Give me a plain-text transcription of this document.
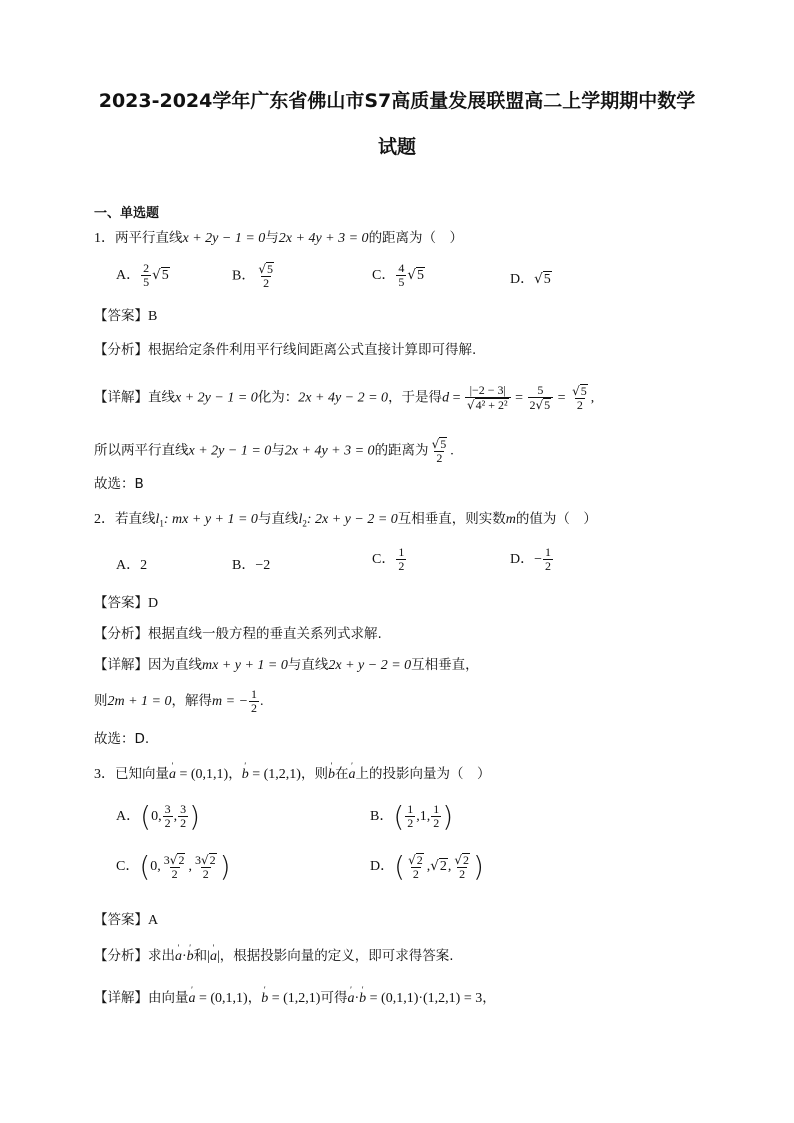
2023-2024学年广东省佛山市S7高质量发展联盟高二上学期期中数学
试题
一、单选题
1．两平行直线x + 2y − 1 = 0与2x + 4y + 3 = 0的距离为（　）
A． $\frac{2}{5} √5$	B． $\frac{√5}{2}$	C． $\frac{4}{5} √5$	D．√5
【答案】B
【分析】根据给定条件利用平行线间距离公式直接计算即可得解.
【详解】直线x + 2y − 1 = 0化为：2x + 4y − 2 = 0，于是得$d = \frac{|-2 - 3|}{\text{√4² + 2²}} = \frac{5}{2√5} = \frac{√5}{2}$ ,
所以两平行直线x + 2y − 1 = 0与2x + 4y + 3 = 0的距离为 $\frac{√5}{2}$ .
故选：B
2．若直线$l_1$: mx + y + 1 = 0与直线$l_2$: 2x + y − 2 = 0互相垂直，则实数m的值为（　）
A．2	B．−2	C． $\frac{1}{2}$	D．− $\frac{1}{2}$
【答案】D
【分析】根据直线一般方程的垂直关系列式求解.
【详解】因为直线mx + y + 1 = 0与直线2x + y − 2 = 0互相垂直，
则2m + 1 = 0，解得m = − $\frac{1}{2}$ .
故选：D.
3．已知向量' a = (0,1,1)，' b = (1,2,1)，则' b在' a上的投影向量为（　）
A．(0, $\frac{3}{2}$ , $\frac{3}{2}$ )	B．( $\frac{1}{2} ,1$, $\frac{1}{2}$ )
C．(0, $\frac{3√2}{2}$ , $\frac{3√2}{2}$ )	D．( $\frac{√2}{2} ,√2$, $\frac{√2}{2}$ )
【答案】A
【分析】求出' a·' b和|' a|，根据投影向量的定义，即可求得答案.
【详解】由向量' a = (0,1,1)，' b = (1,2,1)可得' a·' b = (0,1,1)·(1,2,1) = 3，
